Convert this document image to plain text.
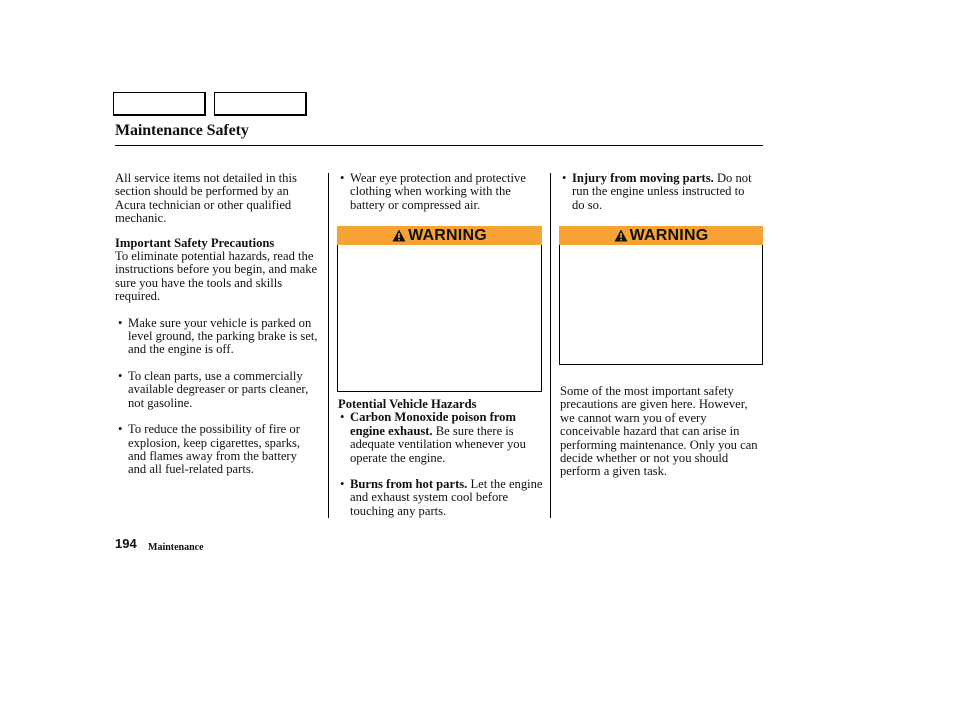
Maintenance Safety

All service items not detailed in this section should be performed by an Acura technician or other qualified mechanic.

Important Safety Precautions

To eliminate potential hazards, read the instructions before you begin, and make sure you have the tools and skills required.

• Make sure your vehicle is parked on level ground, the parking brake is set, and the engine is off.
• To clean parts, use a commercially available degreaser or parts cleaner, not gasoline.
• To reduce the possibility of fire or explosion, keep cigarettes, sparks, and flames away from the battery and all fuel-related parts.
• Wear eye protection and protective clothing when working with the battery or compressed air.
WARNING

Potential Vehicle Hazards

• Carbon Monoxide poison from engine exhaust. Be sure there is adequate ventilation whenever you operate the engine.
• Burns from hot parts. Let the engine and exhaust system cool before touching any parts.
• Injury from moving parts. Do not run the engine unless instructed to do so.
WARNING

Some of the most important safety precautions are given here. However, we cannot warn you of every conceivable hazard that can arise in performing maintenance. Only you can decide whether or not you should perform a given task.

194 Maintenance
